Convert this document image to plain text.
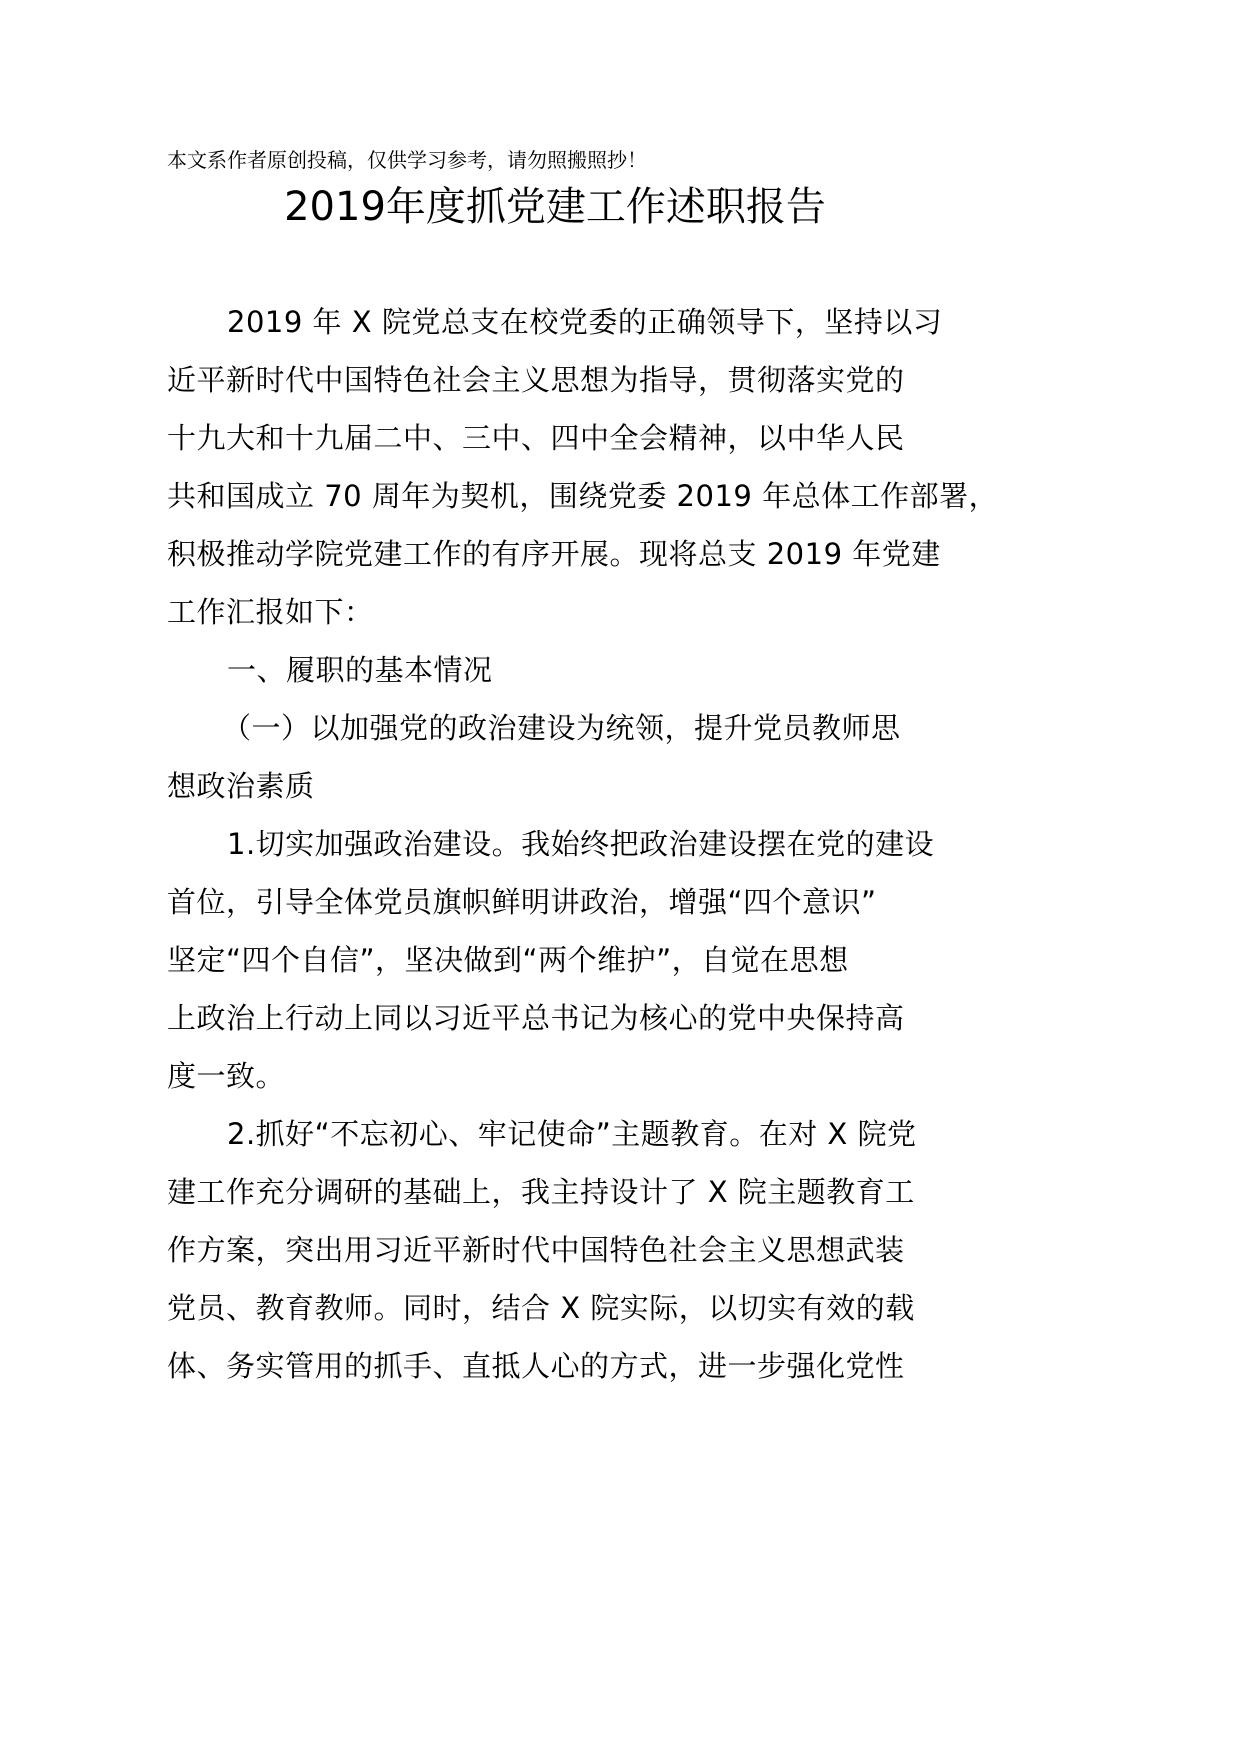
本文系作者原创投稿，仅供学习参考，请勿照搬照抄！
2019年度抓党建工作述职报告
2019 年 X 院党总支在校党委的正确领导下，坚持以习
近平新时代中国特色社会主义思想为指导，贯彻落实党的
十九大和十九届二中、三中、四中全会精神，以中华人民
共和国成立 70 周年为契机，围绕党委 2019 年总体工作部署，
积极推动学院党建工作的有序开展。现将总支 2019 年党建
工作汇报如下：
一、履职的基本情况
（一）以加强党的政治建设为统领，提升党员教师思
想政治素质
1.切实加强政治建设。我始终把政治建设摆在党的建设
首位，引导全体党员旗帜鲜明讲政治，增强“四个意识”
坚定“四个自信”，坚决做到“两个维护”，自觉在思想
上政治上行动上同以习近平总书记为核心的党中央保持高
度一致。
2.抓好“不忘初心、牢记使命”主题教育。在对 X 院党
建工作充分调研的基础上，我主持设计了 X 院主题教育工
作方案，突出用习近平新时代中国特色社会主义思想武装
党员、教育教师。同时，结合 X 院实际，以切实有效的载
体、务实管用的抓手、直抵人心的方式，进一步强化党性
